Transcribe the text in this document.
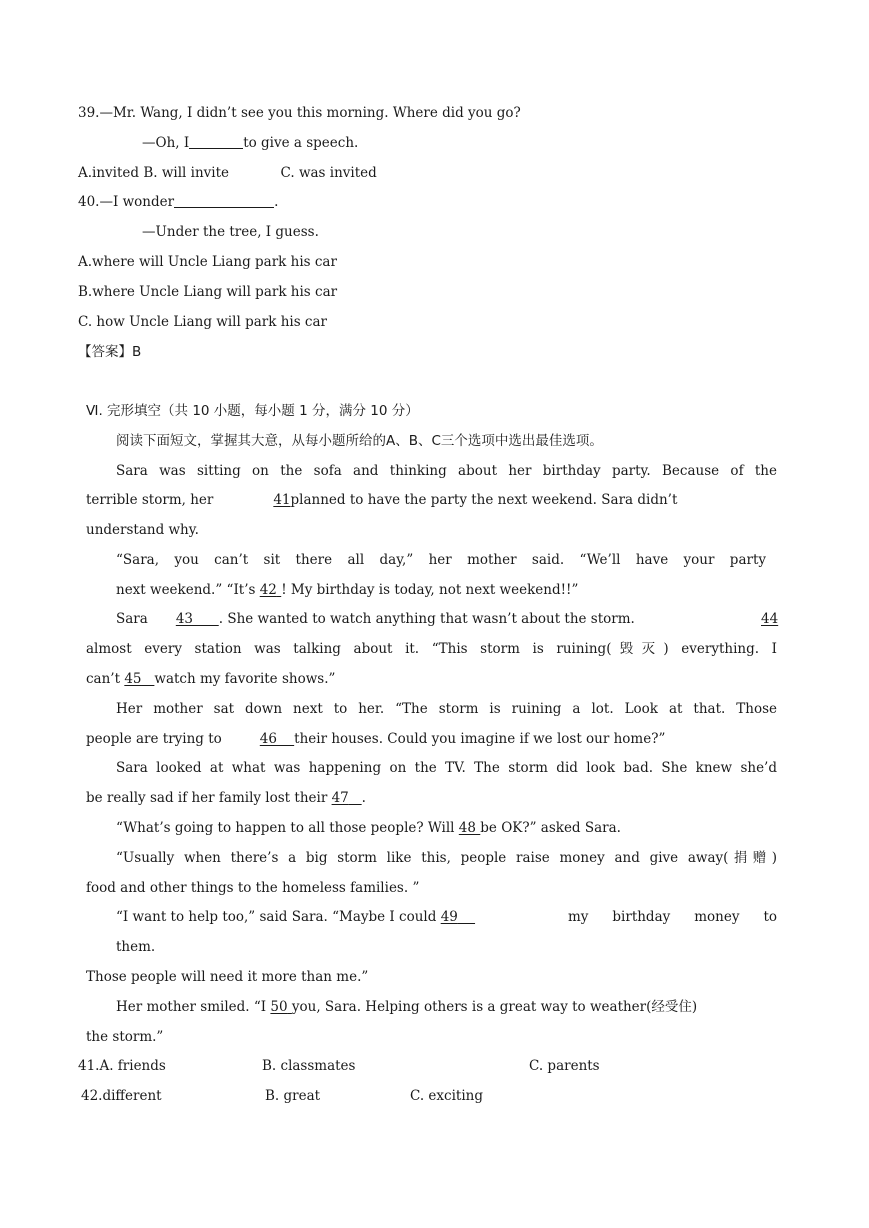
39.—Mr. Wang, I didn’t see you this morning. Where did you go?
—Oh, I	to give a speech.
A.invited B. will invite            C. was invited
40.—I wonder	.
—Under the tree, I guess.
A.where will Uncle Liang park his car
B.where Uncle Liang will park his car
C. how Uncle Liang will park his car
【答案】B
Ⅵ. 完形填空（共 10 小题，每小题 1 分，满分 10 分）
阅读下面短文，掌握其大意，从每小题所给的A、B、C三个选项中选出最佳选项。
Sara was sitting on the sofa and thinking about her birthday party. Because of the
terrible storm, her	41planned to have the party the next weekend. Sara didn’t
understand why.
“Sara, you can’t sit there all day,” her mother said. “We’ll have your party
next weekend.” “It’s 42 ! My birthday is today, not next weekend!!”
Sara 43 . She wanted to watch anything that wasn’t about the storm.	44
almost every station was talking about it. “This storm is ruining(毁灭) everything. I
can’t 45 watch my favorite shows.”
Her mother sat down next to her. “The storm is ruining a lot. Look at that. Those
people are trying to	46 their houses. Could you imagine if we lost our home?”
Sara looked at what was happening on the TV. The storm did look bad. She knew she’d
be really sad if her family lost their 47 .
“What’s going to happen to all those people? Will 48 be OK?” asked Sara.
“Usually when there’s a big storm like this, people raise money and give away(捐赠)
food and other things to the homeless families. ”
“I want to help too,” said Sara. “Maybe I could 49	my birthday money to
them.
Those people will need it more than me.”
Her mother smiled. “I 50 you, Sara. Helping others is a great way to weather(经受住)
the storm.”
41.A. friends	B. classmates	C. parents
42.different	B. great	C. exciting
